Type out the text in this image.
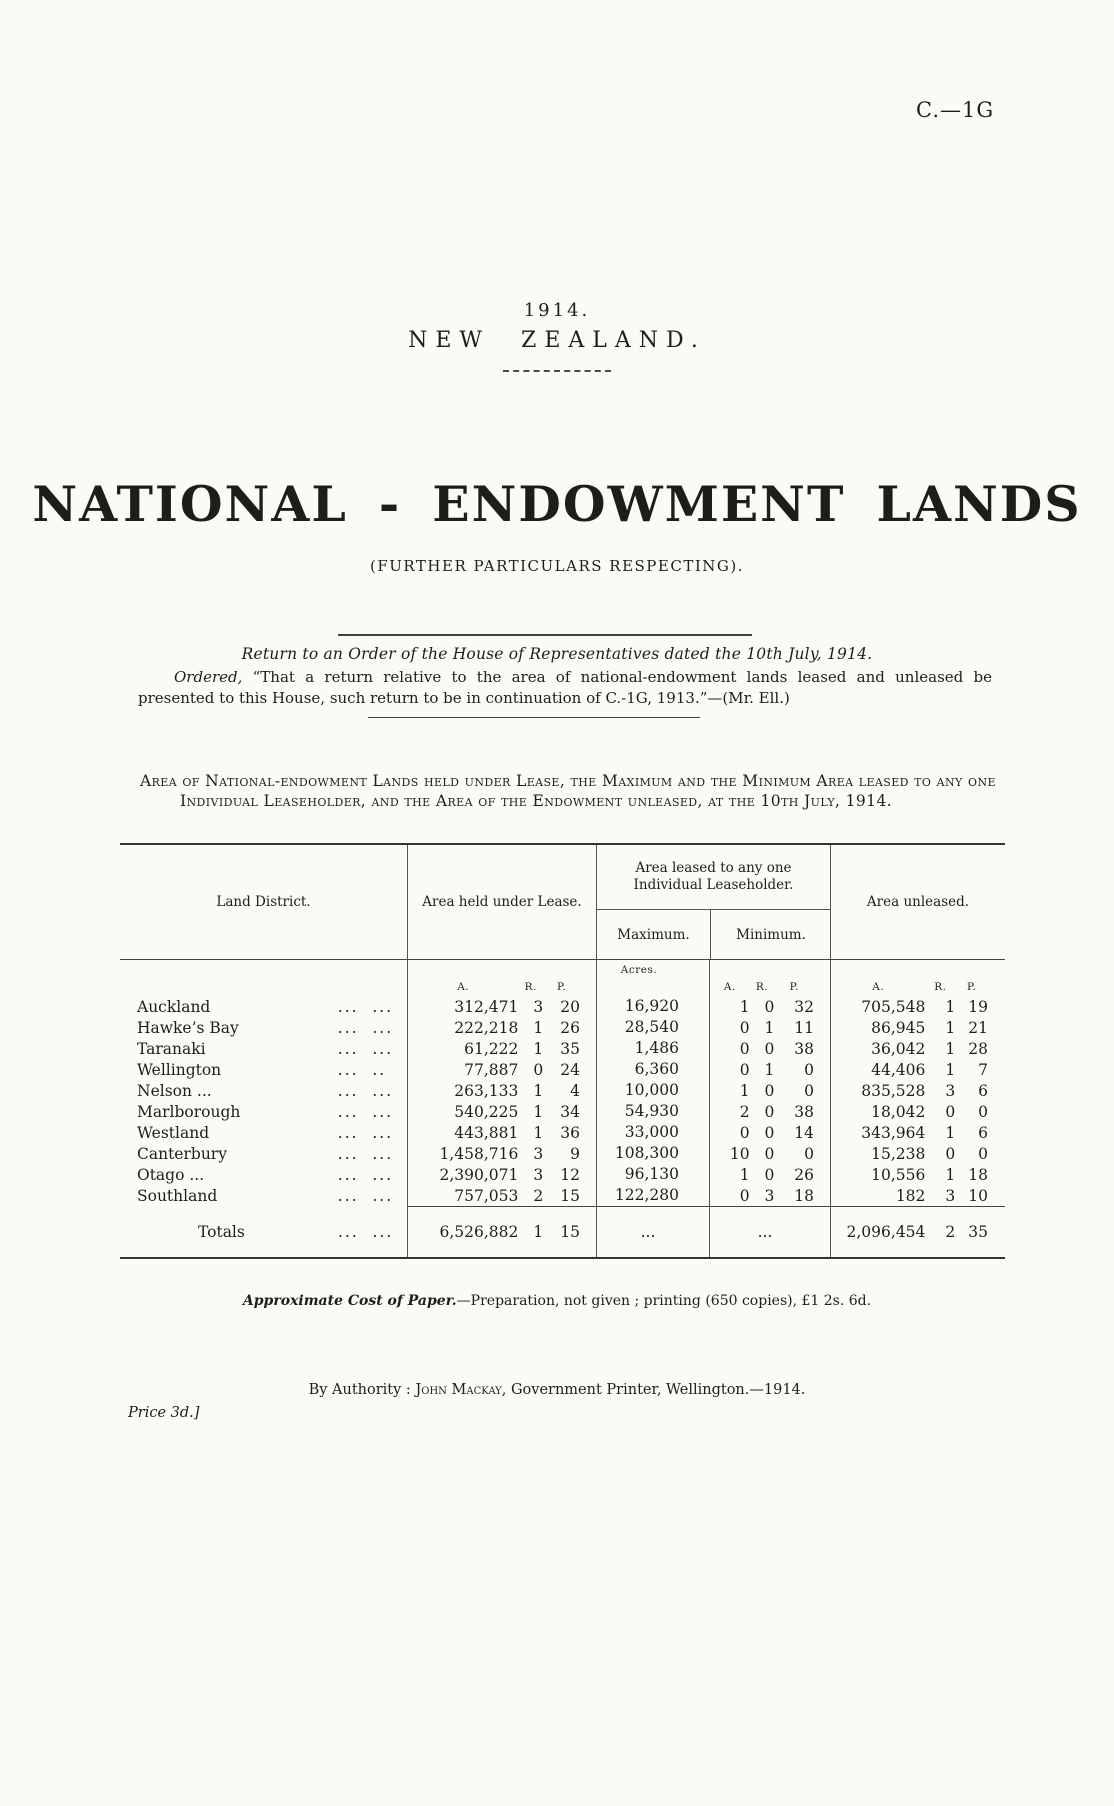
C.—1G
1914.
NEW ZEALAND.
NATIONAL - ENDOWMENT LANDS
(FURTHER PARTICULARS RESPECTING).
Return to an Order of the House of Representatives dated the 10th July, 1914.

Ordered, “That a return relative to the area of national-endowment lands leased and unleased be presented to this House, such return to be in continuation of C.-1G, 1913.”—(Mr. Ell.)

Area of National-endowment Lands held under Lease, the Maximum and the Minimum Area leased to any one Individual Leaseholder, and the Area of the Endowment unleased, at the 10th July, 1914.

Land District.	Area held under Lease.
Area leased to any one
Individual Leaseholder.
Maximum.	Minimum.
Area unleased.
A.	R.	P.
Acres.
A.	R.	P.	A.	R.	P.
Auckland	... ...	312,471 3	20	16,920	1 0	32	705,548	1 19
Hawke’s Bay	... ...	222,218 1	26	28,540	0 1	11	86,945	1 21
Taranaki	... ...	61,222 1	35	1,486	0 0	38	36,042	1 28
Wellington	... ..	77,887 0	24	6,360	0 1	0	44,406	1	7
Nelson ...	... ...	263,133 1	4	10,000	1 0	0	835,528	3	6
Marlborough	... ...	540,225 1	34	54,930	2 0	38	18,042	0	0
Westland	... ...	443,881 1	36	33,000	0 0	14	343,964	1	6
Canterbury	... ...	1,458,716 3	9	108,300	10 0	0	15,238	0	0
Otago ...	... ...	2,390,071 3	12	96,130	1 0	26	10,556	1 18
Southland	... ...	757,053 2	15	122,280	0 3	18	182	3 10
Totals	... ...	6,526,882 1	15	...	...	2,096,454	2 35
Approximate Cost of Paper.—Preparation, not given ; printing (650 copies), £1 2s. 6d.
By Authority : John Mackay, Government Printer, Wellington.—1914.
Price 3d.]
